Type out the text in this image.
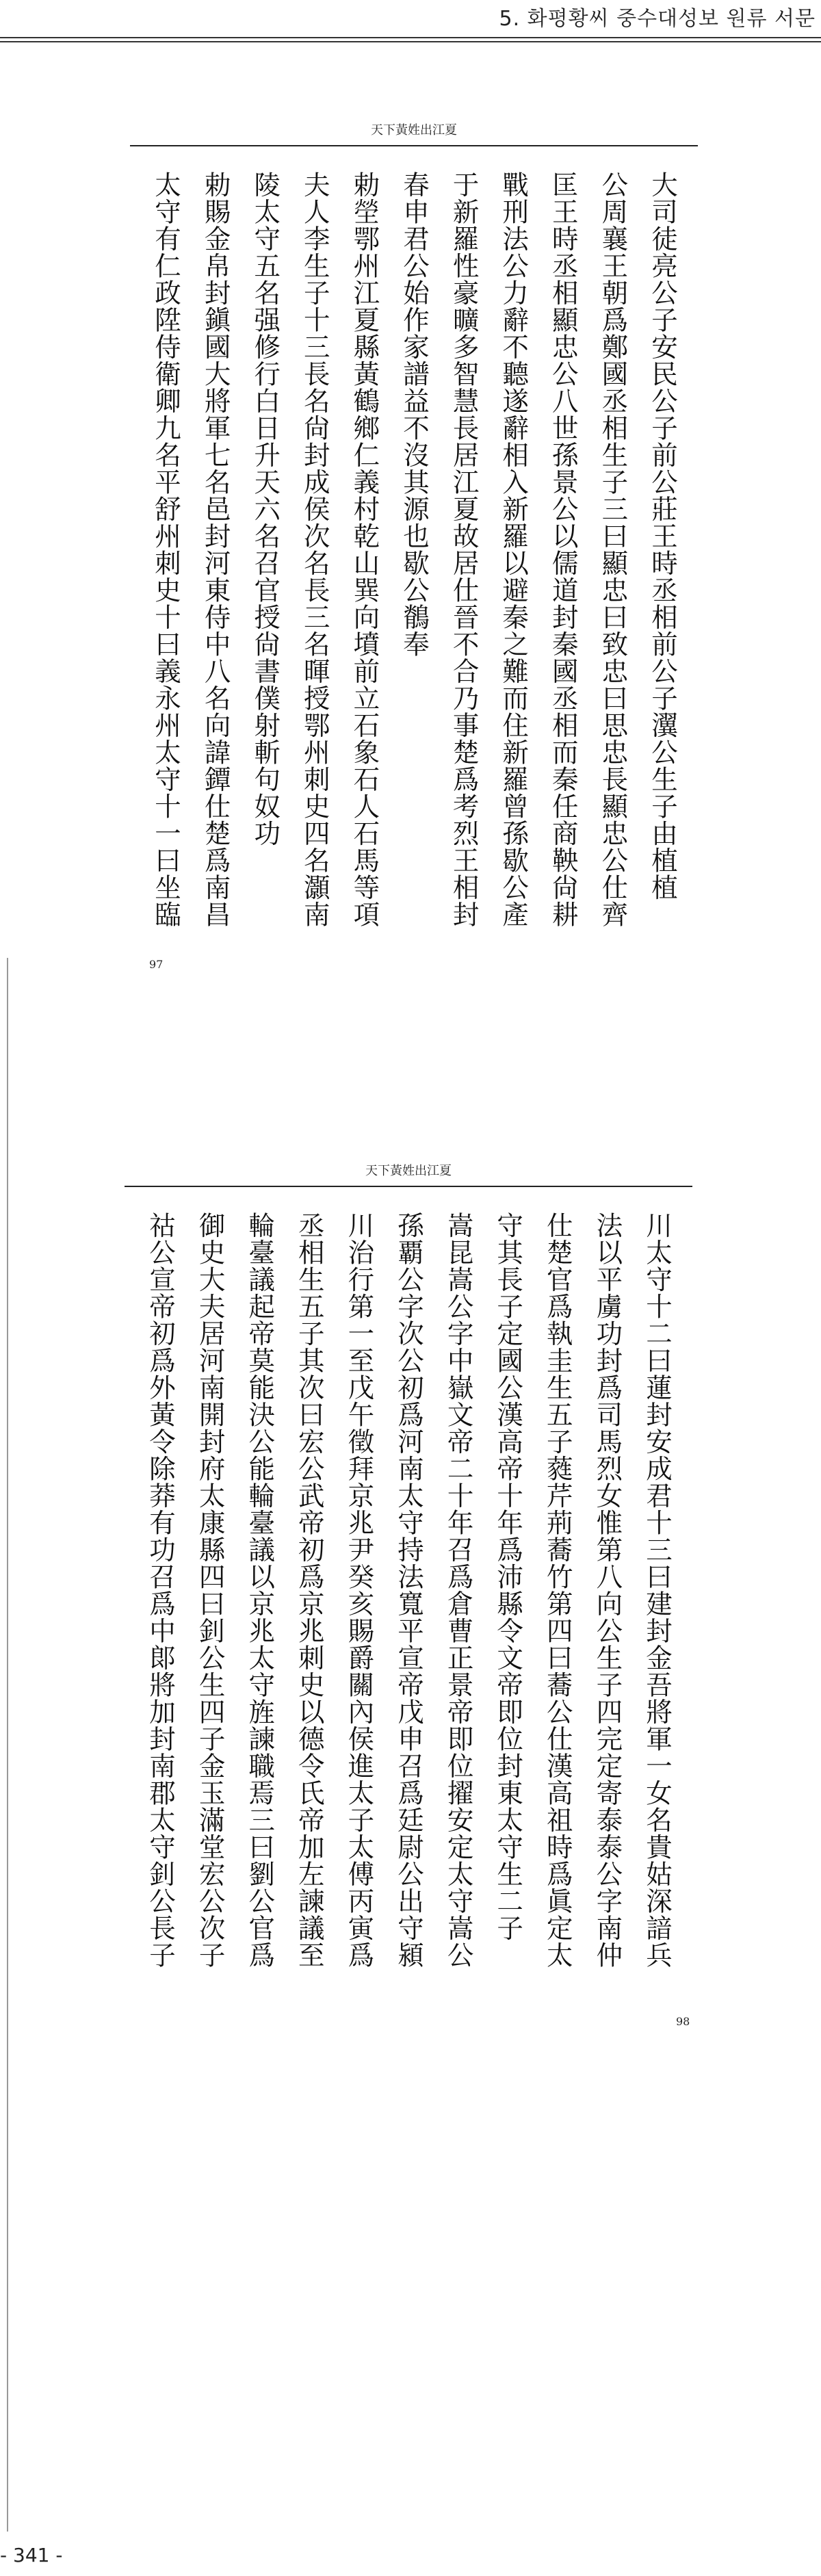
5. 화평황씨 중수대성보 원류 서문
天下黃姓出江夏
大司徒亮公子安民公子前公莊王時丞相前公子瀷公生子由植植
公周襄王朝爲鄭國丞相生子三曰顯忠曰致忠曰思忠長顯忠公仕齊
匡王時丞相顯忠公八世孫景公以儒道封秦國丞相而秦任商鞅尙耕
戰刑法公力辭不聽遂辭相入新羅以避秦之難而住新羅曾孫歇公產
于新羅性豪曠多智慧長居江夏故居仕晉不合乃事楚爲考烈王相封
春申君公始作家譜益不沒其源也歇公鶺奉
勅塋鄂州江夏縣黃鶴鄉仁義村乾山巽向墳前立石象石人石馬等項
夫人李生子十三長名尙封成侯次名長三名暉授鄂州刺史四名灝南
陵太守五名强修行白日升天六名召官授尙書僕射斬句奴功
勅賜金帛封鎭國大將軍七名邑封河東侍中八名向諱鐔仕楚爲南昌
太守有仁政陞侍衛卿九名平舒州刺史十曰義永州太守十一曰坐臨
97
天下黃姓出江夏
川太守十二曰蓮封安成君十三曰建封金吾將軍一女名貴姑深諳兵
法以平虜功封爲司馬烈女惟第八向公生子四完定寄泰泰公字南仲
仕楚官爲執圭生五子蕤芹荊蕎竹第四曰蕎公仕漢高祖時爲眞定太
守其長子定國公漢高帝十年爲沛縣令文帝即位封東太守生二子
嵩昆嵩公字中嶽文帝二十年召爲倉曹正景帝即位擢安定太守嵩公
孫覇公字次公初爲河南太守持法寬平宣帝戊申召爲廷尉公出守潁
川治行第一至戊午徵拜京兆尹癸亥賜爵關內侯進太子太傅丙寅爲
丞相生五子其次曰宏公武帝初爲京兆刺史以德令氏帝加左諫議至
輪臺議起帝莫能決公能輪臺議以京兆太守旌諫職焉三曰劉公官爲
御史大夫居河南開封府太康縣四曰釗公生四子金玉滿堂宏公次子
祜公宣帝初爲外黃令除莽有功召爲中郞將加封南郡太守釗公長子
98
- 341 -
